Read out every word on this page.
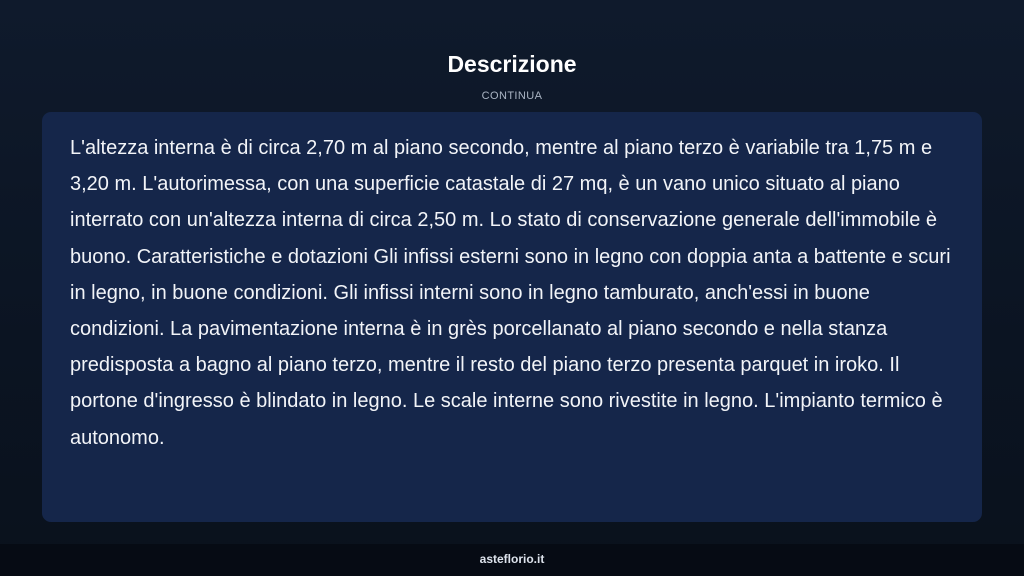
Descrizione
CONTINUA

L'altezza interna è di circa 2,70 m al piano secondo, mentre al piano terzo è variabile tra 1,75 m e 3,20 m. L'autorimessa, con una superficie catastale di 27 mq, è un vano unico situato al piano interrato con un'altezza interna di circa 2,50 m. Lo stato di conservazione generale dell'immobile è buono. Caratteristiche e dotazioni Gli infissi esterni sono in legno con doppia anta a battente e scuri in legno, in buone condizioni. Gli infissi interni sono in legno tamburato, anch'essi in buone condizioni. La pavimentazione interna è in grès porcellanato al piano secondo e nella stanza predisposta a bagno al piano terzo, mentre il resto del piano terzo presenta parquet in iroko. Il portone d'ingresso è blindato in legno. Le scale interne sono rivestite in legno. L'impianto termico è autonomo.

asteflorio.it
